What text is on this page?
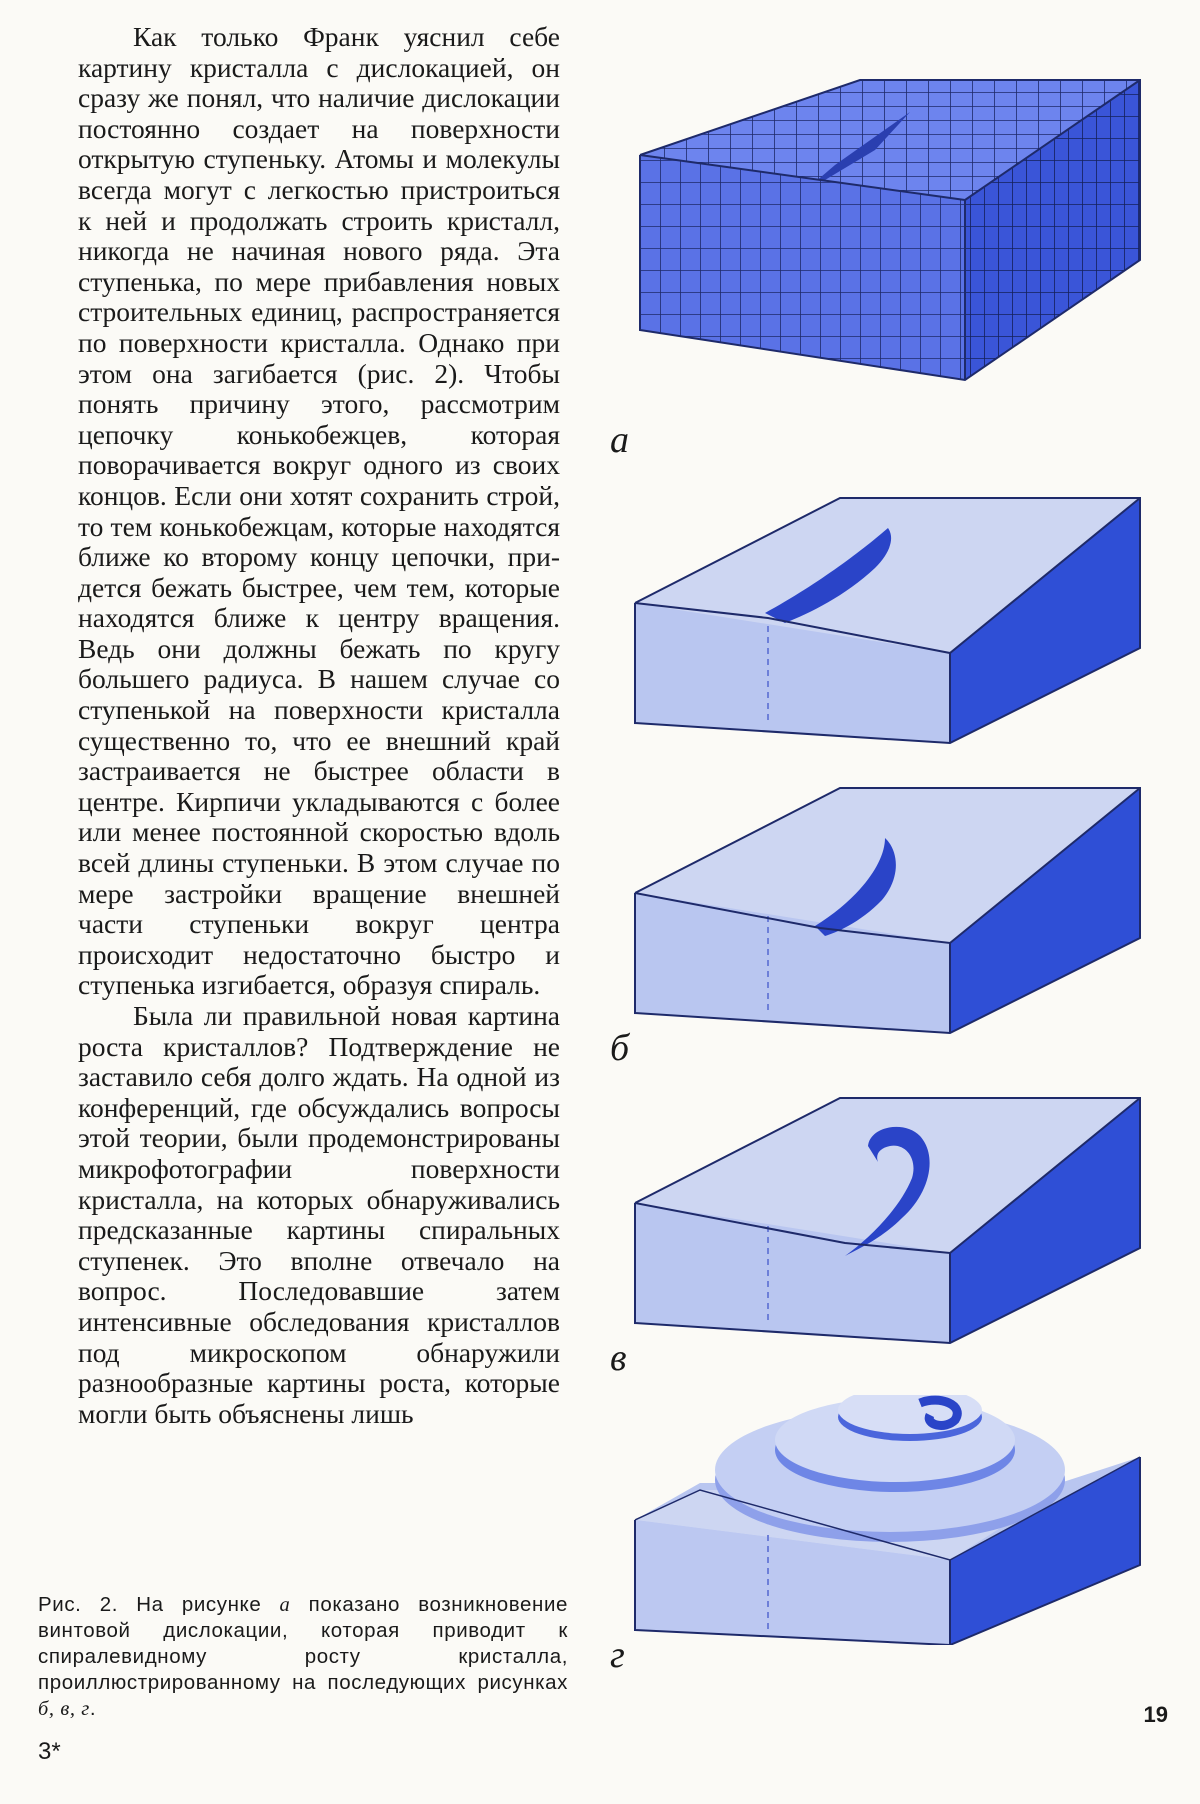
Как только Франк уяснил себе картину кристалла с дислокацией, он сразу же понял, что наличие дислокации постоянно создает на поверхности открытую ступеньку. Атомы и молекулы всегда могут с легкостью пристроиться к ней и продолжать строить кристалл, никогда не начиная нового ряда. Эта ступенька, по мере прибавления новых строительных единиц, распространяется по поверхности кристалла. Однако при этом она загибается (рис. 2). Чтобы понять причину этого, рассмотрим цепочку конькобежцев, которая поворачивается вокруг одного из своих концов. Если они хотят сохранить строй, то тем конькобежцам, которые находятся ближе ко второму концу цепочки, придется бежать быстрее, чем тем, которые находятся ближе к центру вращения. Ведь они должны бежать по кругу большего радиуса. В нашем случае со ступенькой на поверхности кристалла существенно то, что ее внешний край застраивается не быстрее области в центре. Кирпичи укладываются с более или менее постоянной скоростью вдоль всей длины ступеньки. В этом случае по мере застройки вращение внешней части ступеньки вокруг центра происходит недостаточно быстро и ступенька изгибается, образуя спираль.

Была ли правильной новая картина роста кристаллов? Подтверждение не заставило себя долго ждать. На одной из конференций, где обсуждались вопросы этой теории, были продемонстрированы микрофотографии поверхности кристалла, на которых обнаруживались предсказанные картины спиральных ступенек. Это вполне отвечало на вопрос. Последовавшие затем интенсивные обследования кристаллов под микроскопом обнаружили разнообразные картины роста, которые могли быть объяснены лишь

Рис. 2. На рисунке а показано возникновение винтовой дислокации, которая приводит к спиралевидному росту кристалла, проиллюстрированному на последующих рисунках б, в, г.

3*
19
а
б
в
г
